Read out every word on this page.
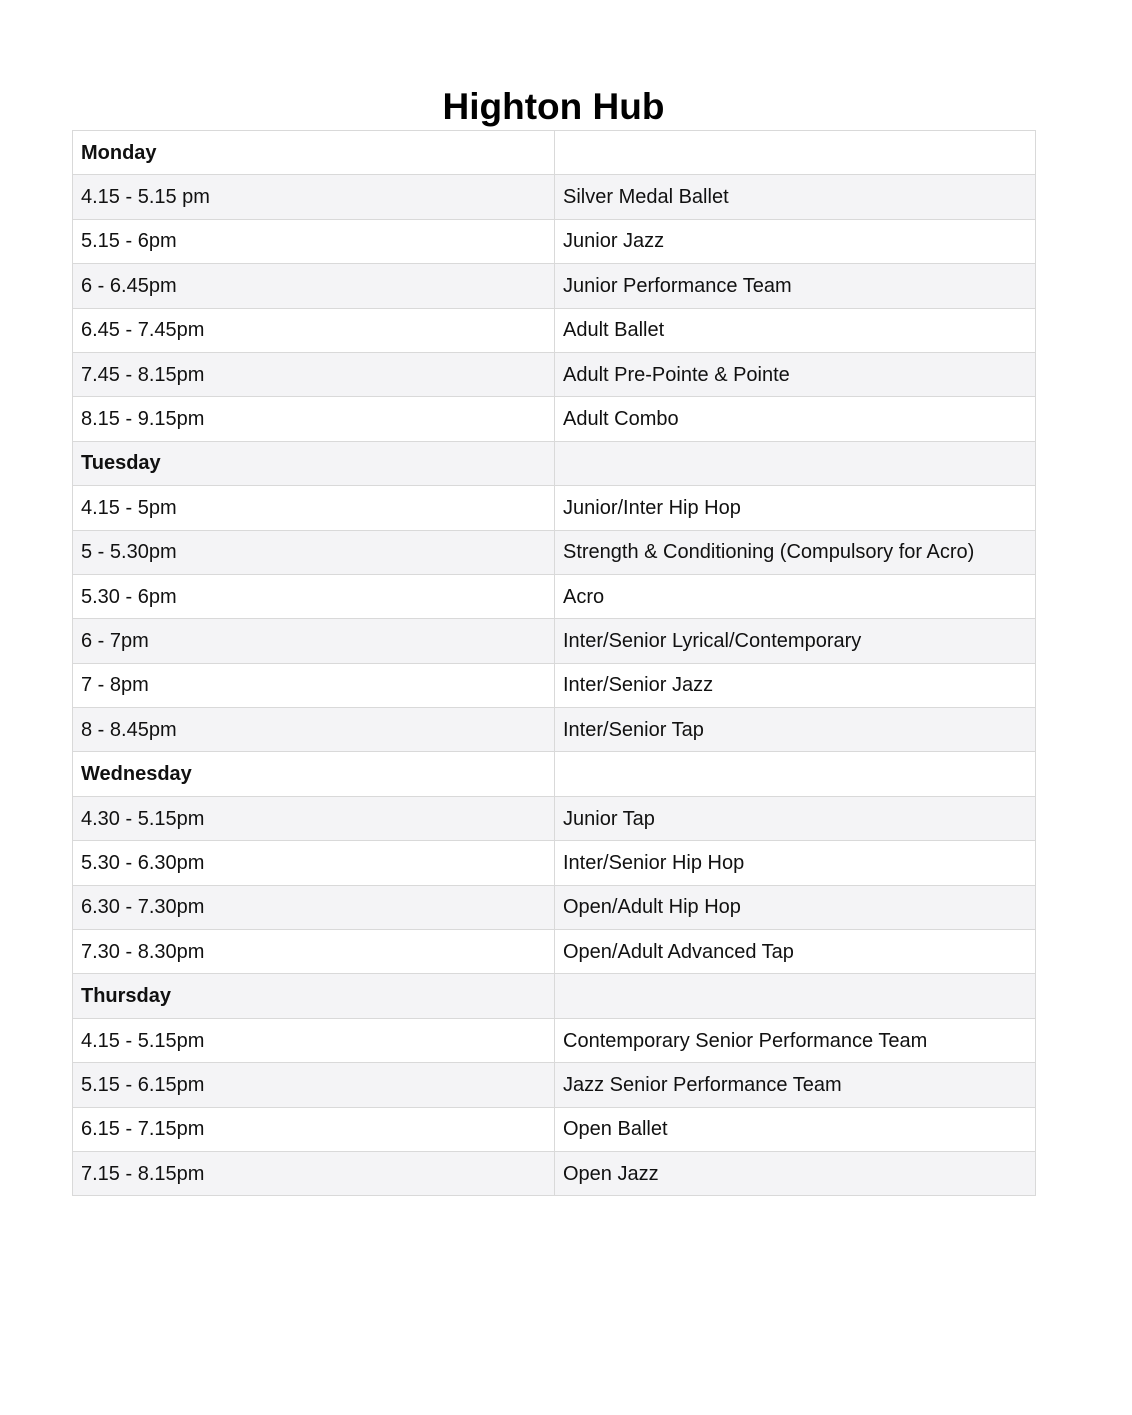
Highton Hub
Monday	
4.15 - 5.15 pm	Silver Medal Ballet
5.15 - 6pm	Junior Jazz
6 - 6.45pm	Junior Performance Team
6.45 - 7.45pm	Adult Ballet
7.45 - 8.15pm	Adult Pre-Pointe & Pointe
8.15 - 9.15pm	Adult Combo
Tuesday	
4.15 - 5pm	Junior/Inter Hip Hop
5 - 5.30pm	Strength & Conditioning (Compulsory for Acro)
5.30 - 6pm	Acro
6 - 7pm	Inter/Senior Lyrical/Contemporary
7 - 8pm	Inter/Senior Jazz
8 - 8.45pm	Inter/Senior Tap
Wednesday	
4.30 - 5.15pm	Junior Tap
5.30 - 6.30pm	Inter/Senior Hip Hop
6.30 - 7.30pm	Open/Adult Hip Hop
7.30 - 8.30pm	Open/Adult Advanced Tap
Thursday	
4.15 - 5.15pm	Contemporary Senior Performance Team
5.15 - 6.15pm	Jazz Senior Performance Team
6.15 - 7.15pm	Open Ballet
7.15 - 8.15pm	Open Jazz
